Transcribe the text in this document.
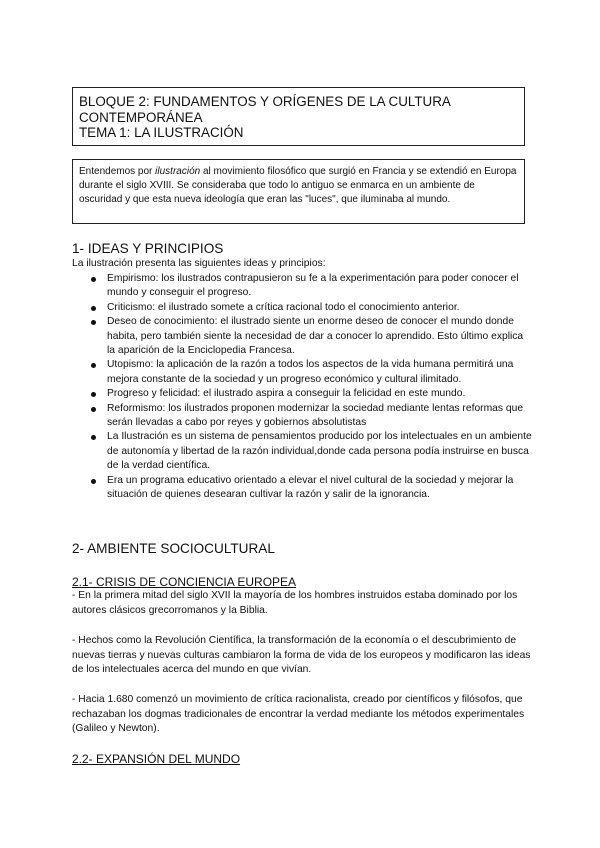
BLOQUE 2: FUNDAMENTOS Y ORÍGENES DE LA CULTURA
CONTEMPORÁNEA
TEMA 1: LA ILUSTRACIÓN
Entendemos por ilustración al movimiento filosófico que surgió en Francia y se extendió en Europa durante el siglo XVIII. Se consideraba que todo lo antiguo se enmarca en un ambiente de oscuridad y que esta nueva ideología que eran las "luces", que iluminaba al mundo.
1- IDEAS Y PRINCIPIOS
La ilustración presenta las siguientes ideas y principios:
Empirismo: los ilustrados contrapusieron su fe a la experimentación para poder conocer el mundo y conseguir el progreso.
Criticismo: el ilustrado somete a crítica racional todo el conocimiento anterior.
Deseo de conocimiento: el ilustrado siente un enorme deseo de conocer el mundo donde habita, pero también siente la necesidad de dar a conocer lo aprendido. Esto último explica la aparición de la Enciclopedia Francesa.
Utopismo: la aplicación de la razón a todos los aspectos de la vida humana permitirá una mejora constante de la sociedad y un progreso económico y cultural ilimitado.
Progreso y felicidad: el ilustrado aspira a conseguir la felicidad en este mundo.
Reformismo: los ilustrados proponen modernizar la sociedad mediante lentas reformas que serán llevadas a cabo por reyes y gobiernos absolutistas
La Ilustración es un sistema de pensamientos producido por los intelectuales en un ambiente de autonomía y libertad de la razón individual,donde cada persona podía instruirse en busca de la verdad científica.
Era un programa educativo orientado a elevar el nivel cultural de la sociedad y mejorar la situación de quienes desearan cultivar la razón y salir de la ignorancia.
2- AMBIENTE SOCIOCULTURAL
2.1- CRISIS DE CONCIENCIA EUROPEA
- En la primera mitad del siglo XVII la mayoría de los hombres instruidos estaba dominado por los autores clásicos grecorromanos y la Biblia.
- Hechos como la Revolución Científica, la transformación de la economía o el descubrimiento de nuevas tierras y nuevas culturas cambiaron la forma de vida de los europeos y modificaron las ideas de los intelectuales acerca del mundo en que vivían.
- Hacia 1.680 comenzó un movimiento de crítica racionalista, creado por científicos y filósofos, que rechazaban los dogmas tradicionales de encontrar la verdad mediante los métodos experimentales (Galileo y Newton).
2.2- EXPANSIÓN DEL MUNDO
